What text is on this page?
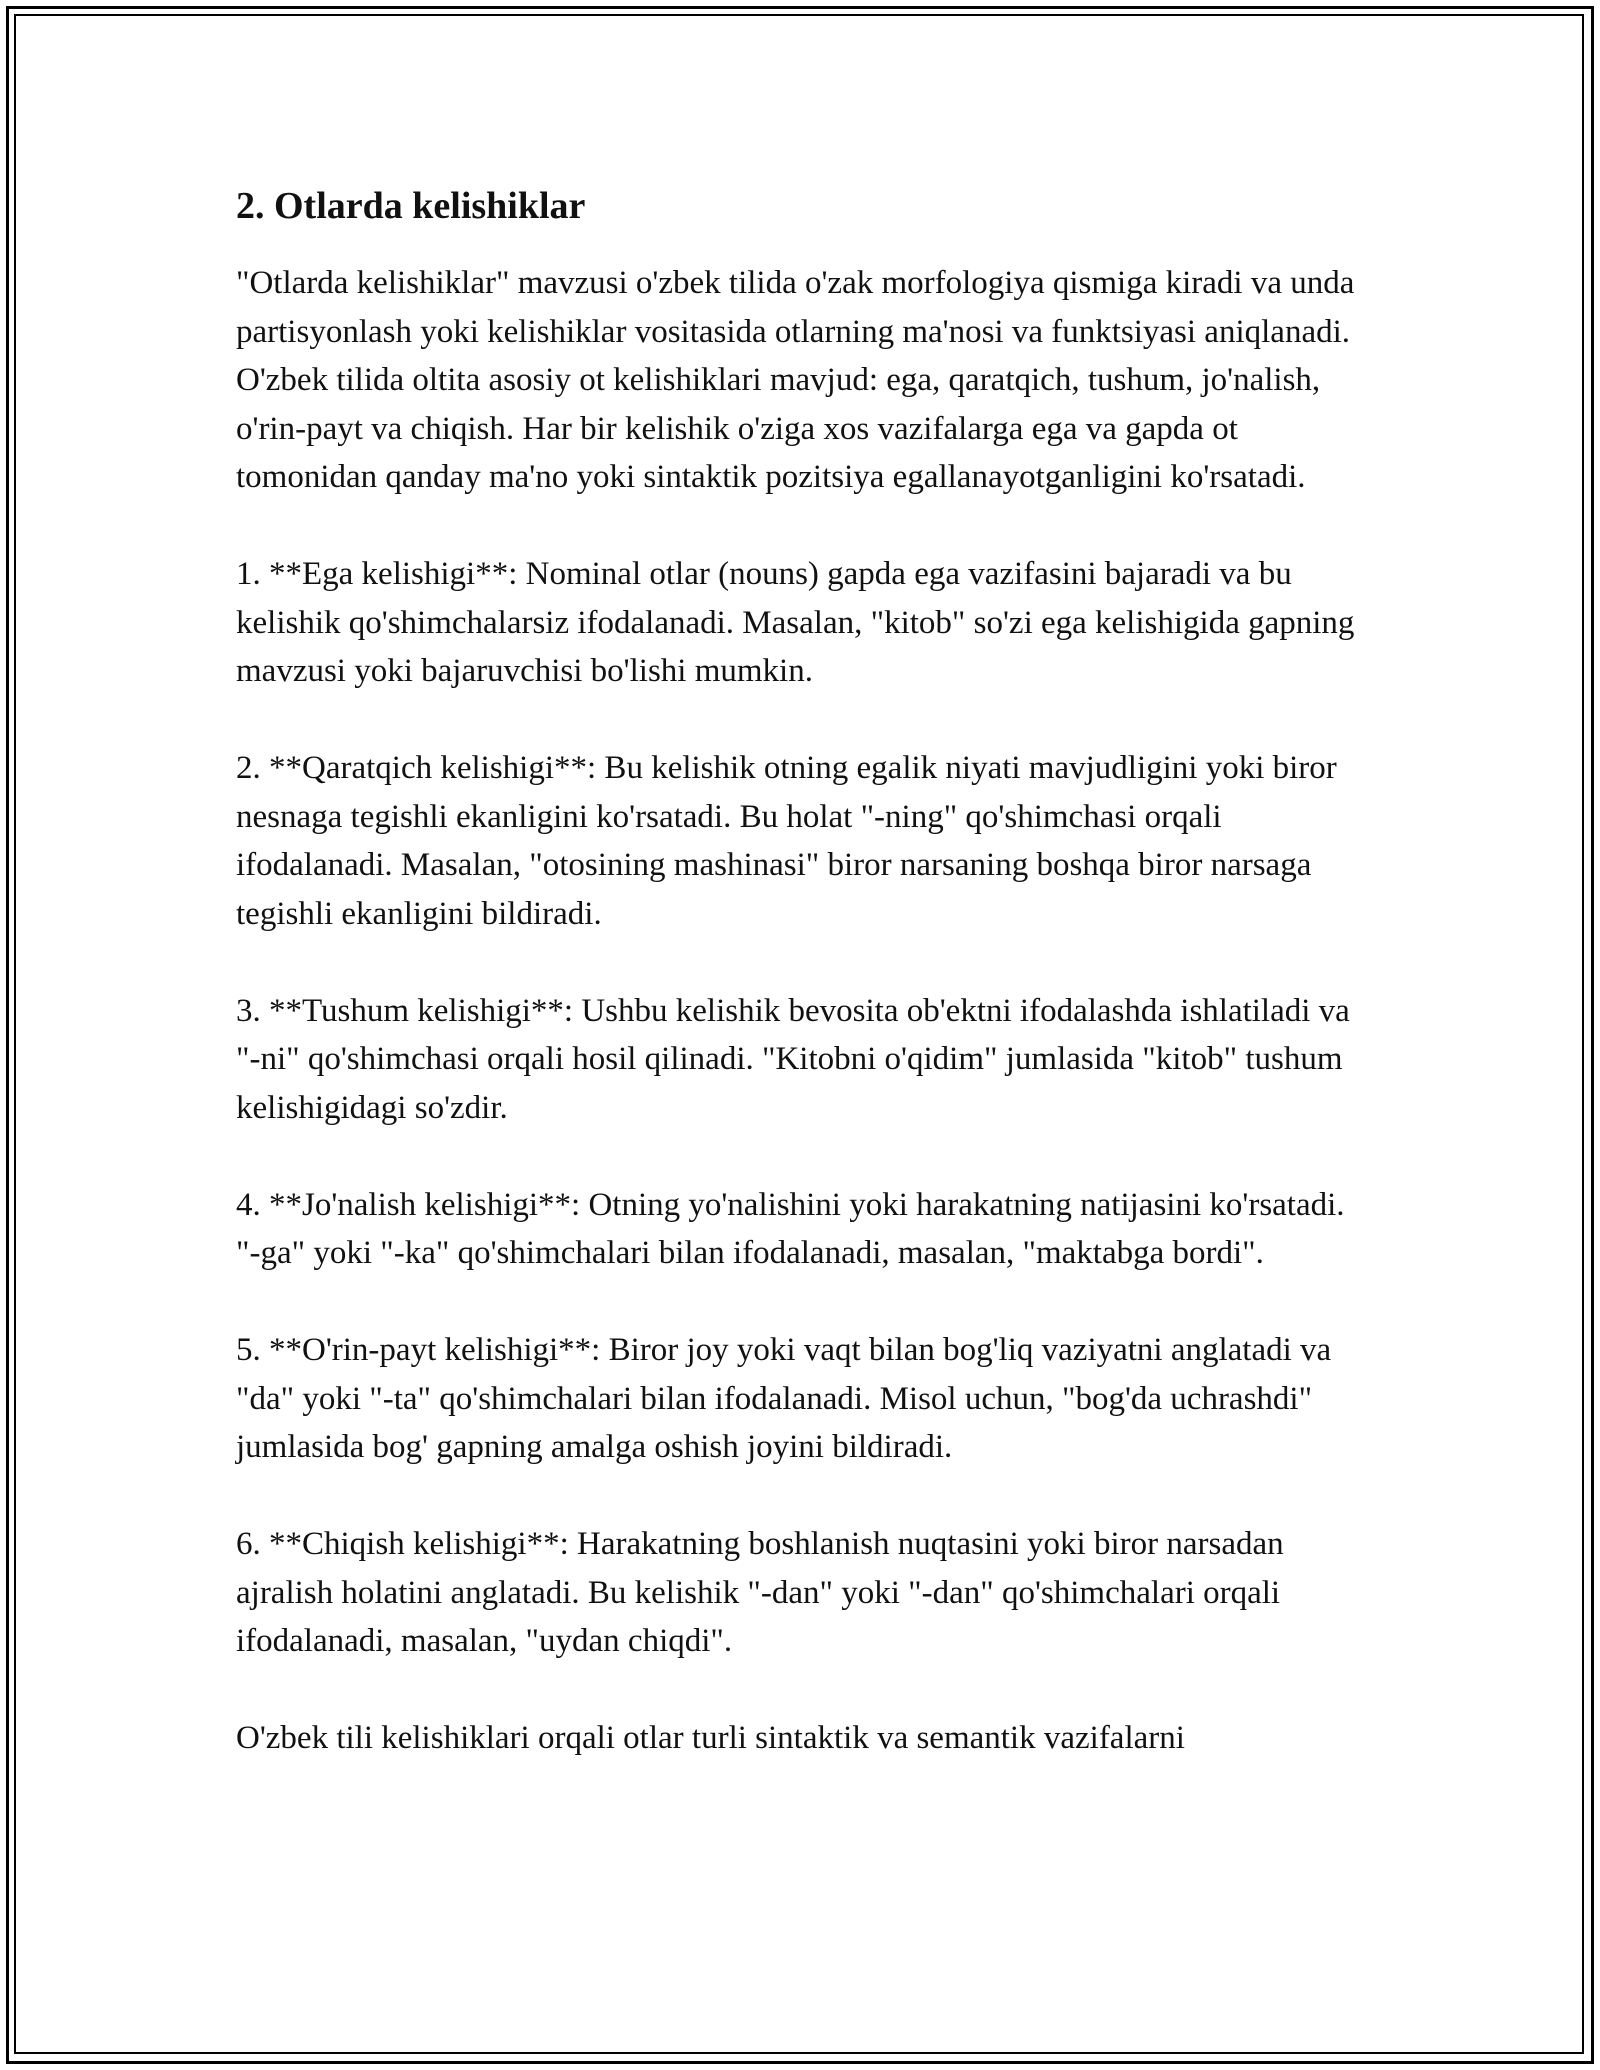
2. Otlarda kelishiklar

"Otlarda kelishiklar" mavzusi o'zbek tilida o'zak morfologiya qismiga kiradi va unda partisyonlash yoki kelishiklar vositasida otlarning ma'nosi va funktsiyasi aniqlanadi. O'zbek tilida oltita asosiy ot kelishiklari mavjud: ega, qaratqich, tushum, jo'nalish, o'rin-payt va chiqish. Har bir kelishik o'ziga xos vazifalarga ega va gapda ot tomonidan qanday ma'no yoki sintaktik pozitsiya egallanayotganligini ko'rsatadi.

1. **Ega kelishigi**: Nominal otlar (nouns) gapda ega vazifasini bajaradi va bu kelishik qo'shimchalarsiz ifodalanadi. Masalan, "kitob" so'zi ega kelishigida gapning mavzusi yoki bajaruvchisi bo'lishi mumkin.

2. **Qaratqich kelishigi**: Bu kelishik otning egalik niyati mavjudligini yoki biror nesnaga tegishli ekanligini ko'rsatadi. Bu holat "-ning" qo'shimchasi orqali ifodalanadi. Masalan, "otosining mashinasi" biror narsaning boshqa biror narsaga tegishli ekanligini bildiradi.

3. **Tushum kelishigi**: Ushbu kelishik bevosita ob'ektni ifodalashda ishlatiladi va "-ni" qo'shimchasi orqali hosil qilinadi. "Kitobni o'qidim" jumlasida "kitob" tushum kelishigidagi so'zdir.

4. **Jo'nalish kelishigi**: Otning yo'nalishini yoki harakatning natijasini ko'rsatadi. "-ga" yoki "-ka" qo'shimchalari bilan ifodalanadi, masalan, "maktabga bordi".

5. **O'rin-payt kelishigi**: Biror joy yoki vaqt bilan bog'liq vaziyatni anglatadi va "da" yoki "-ta" qo'shimchalari bilan ifodalanadi. Misol uchun, "bog'da uchrashdi" jumlasida bog' gapning amalga oshish joyini bildiradi.

6. **Chiqish kelishigi**: Harakatning boshlanish nuqtasini yoki biror narsadan ajralish holatini anglatadi. Bu kelishik "-dan" yoki "-dan" qo'shimchalari orqali ifodalanadi, masalan, "uydan chiqdi".

O'zbek tili kelishiklari orqali otlar turli sintaktik va semantik vazifalarni
